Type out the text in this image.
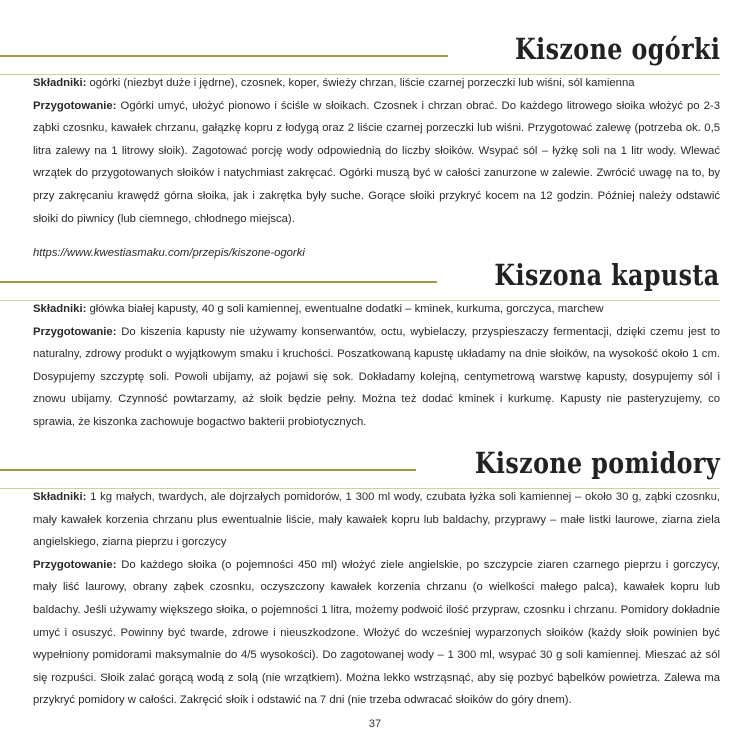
Kiszone ogórki

Składniki: ogórki (niezbyt duże i jędrne), czosnek, koper, świeży chrzan, liście czarnej porzeczki lub wiśni, sól kamienna

Przygotowanie: Ogórki umyć, ułożyć pionowo i ściśle w słoikach. Czosnek i chrzan obrać. Do każdego litrowego słoika włożyć po 2-3 ząbki czosnku, kawałek chrzanu, gałązkę kopru z łodygą oraz 2 liście czarnej porzeczki lub wiśni. Przygotować zalewę (potrzeba ok. 0,5 litra zalewy na 1 litrowy słoik). Zagotować porcję wody odpowiednią do liczby słoików. Wsypać sól – łyżkę soli na 1 litr wody. Wlewać wrzątek do przygotowanych słoików i natychmiast zakręcać. Ogórki muszą być w całości zanurzone w zalewie. Zwrócić uwagę na to, by przy zakręcaniu krawędź górna słoika, jak i zakrętka były suche. Gorące słoiki przykryć kocem na 12 godzin. Później należy odstawić słoiki do piwnicy (lub ciemnego, chłodnego miejsca).

https://www.kwestiasmaku.com/przepis/kiszone-ogorki

Kiszona kapusta

Składniki: główka białej kapusty, 40 g soli kamiennej, ewentualne dodatki – kminek, kurkuma, gorczyca, marchew

Przygotowanie: Do kiszenia kapusty nie używamy konserwantów, octu, wybielaczy, przyspieszaczy fermentacji, dzięki czemu jest to naturalny, zdrowy produkt o wyjątkowym smaku i kruchości. Poszatkowaną kapustę układamy na dnie słoików, na wysokość około 1 cm. Dosypujemy szczyptę soli. Powoli ubijamy, aż pojawi się sok. Dokładamy kolejną, centymetrową warstwę kapusty, dosypujemy sól i znowu ubijamy. Czynność powtarzamy, aż słoik będzie pełny. Można też dodać kminek i kurkumę. Kapusty nie pasteryzujemy, co sprawia, że kiszonka zachowuje bogactwo bakterii probiotycznych.

Kiszone pomidory

Składniki: 1 kg małych, twardych, ale dojrzałych pomidorów, 1 300 ml wody, czubata łyżka soli kamiennej – około 30 g, ząbki czosnku, mały kawałek korzenia chrzanu plus ewentualnie liście, mały kawałek kopru lub baldachy, przyprawy – małe listki laurowe, ziarna ziela angielskiego, ziarna pieprzu i gorczycy

Przygotowanie: Do każdego słoika (o pojemności 450 ml) włożyć ziele angielskie, po szczypcie ziaren czarnego pieprzu i gorczycy, mały liść laurowy, obrany ząbek czosnku, oczyszczony kawałek korzenia chrzanu (o wielkości małego palca), kawałek kopru lub baldachy. Jeśli używamy większego słoika, o pojemności 1 litra, możemy podwoić ilość przypraw, czosnku i chrzanu. Pomidory dokładnie umyć i osuszyć. Powinny być twarde, zdrowe i nieuszkodzone. Włożyć do wcześniej wyparzonych słoików (każdy słoik powinien być wypełniony pomidorami maksymalnie do 4/5 wysokości). Do zagotowanej wody – 1 300 ml, wsypać 30 g soli kamiennej. Mieszać aż sól się rozpuści. Słoik zalać gorącą wodą z solą (nie wrzątkiem). Można lekko wstrząsnąć, aby się pozbyć bąbelków powietrza. Zalewa ma przykryć pomidory w całości. Zakręcić słoik i odstawić na 7 dni (nie trzeba odwracać słoików do góry dnem).

37
